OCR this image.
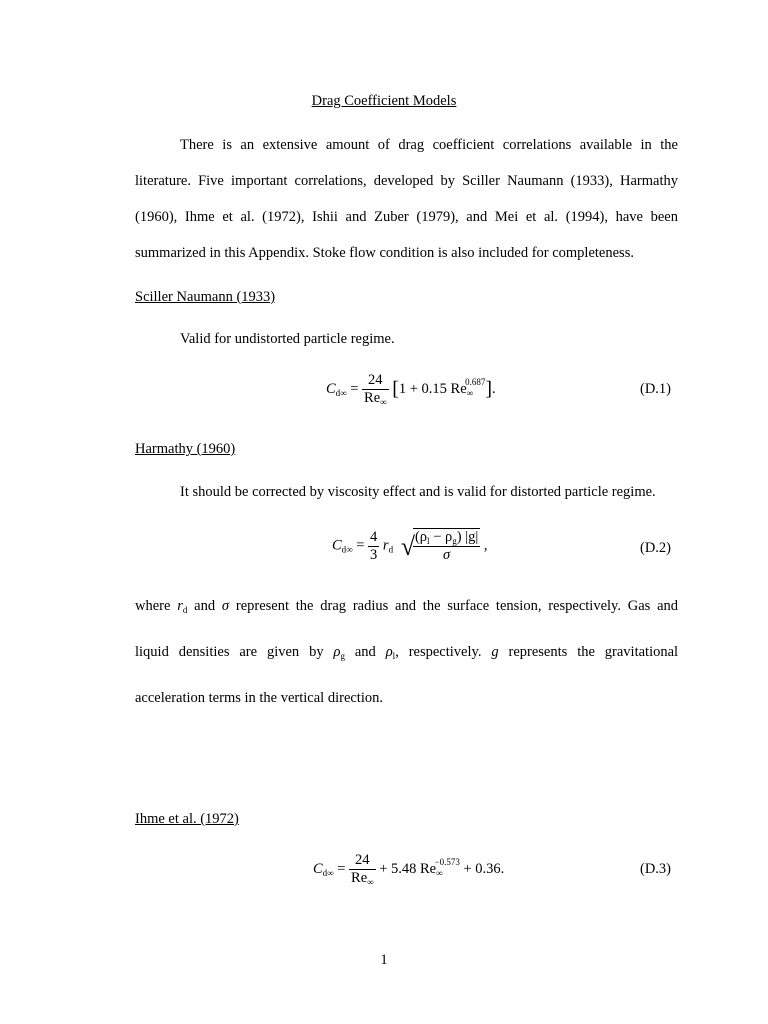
Drag Coefficient Models
There is an extensive amount of drag coefficient correlations available in the
literature. Five important correlations, developed by Sciller Naumann (1933), Harmathy
(1960), Ihme et al. (1972), Ishii and Zuber (1979), and Mei et al. (1994), have been
summarized in this Appendix. Stoke flow condition is also included for completeness.
Sciller Naumann (1933)
Valid for undistorted particle regime.
$C_{d\infty} = \frac{24}{Re_\infty} [1 + 0.15$ $Re_\infty^{0.687}$].	(D.1)
Harmathy (1960)
It should be corrected by viscosity effect and is valid for distorted particle regime.
$C_{d\infty} = \frac{4}{3} r_d$ √
$\frac{(\rho_l - \rho_g) |g|}{\sigma}$ ,	(D.2)
where $r_d$ and σ represent the drag radius and the surface tension, respectively. Gas and
liquid densities are given by $\rho_g$ and $\rho_l$, respectively. g represents the gravitational
acceleration terms in the vertical direction.
Ihme et al. (1972)
$C_{d\infty} = \frac{24}{Re_\infty} + 5.48$ $Re_\infty^{-0.573} + 0.36$.	(D.3)
1
